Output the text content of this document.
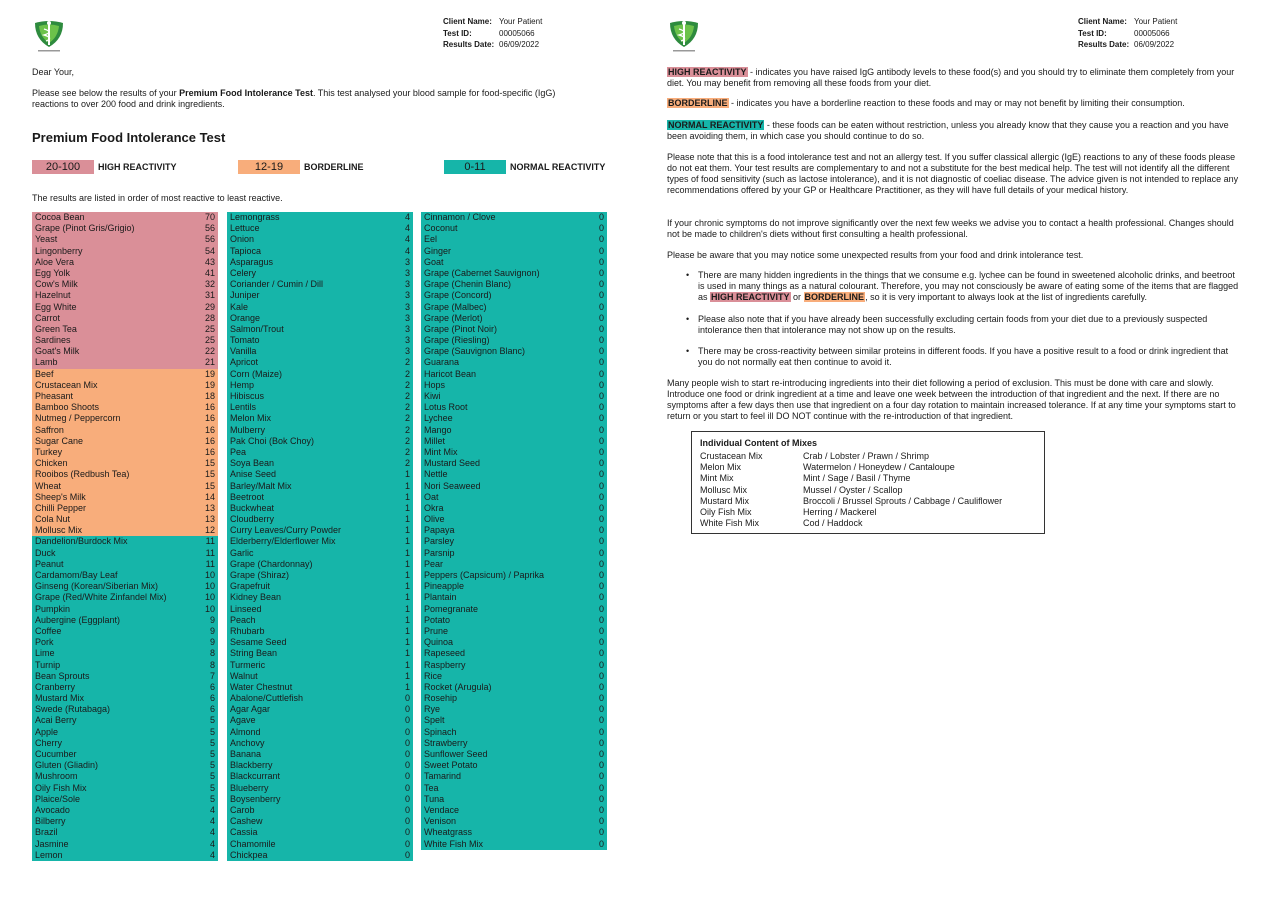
Client Name: Your Patient
Test ID:	00005066
Results Date: 06/09/2022
Dear Your,
Please see below the results of your Premium Food Intolerance Test. This test analysed your blood sample for food-specific (IgG) reactions to over 200 food and drink ingredients.
Premium Food Intolerance Test
20-100	HIGH REACTIVITY	12-19	BORDERLINE	0-11	NORMAL REACTIVITY
The results are listed in order of most reactive to least reactive.
Cocoa Bean	70
Grape (Pinot Gris/Grigio)	56
Yeast	56
Lingonberry	54
Aloe Vera	43
Egg Yolk	41
Cow's Milk	32
Hazelnut	31
Egg White	29
Carrot	28
Green Tea	25
Sardines	25
Goat's Milk	22
Lamb	21
Beef	19
Crustacean Mix	19
Pheasant	18
Bamboo Shoots	16
Nutmeg / Peppercorn	16
Saffron	16
Sugar Cane	16
Turkey	16
Chicken	15
Rooibos (Redbush Tea)	15
Wheat	15
Sheep's Milk	14
Chilli Pepper	13
Cola Nut	13
Mollusc Mix	12
Dandelion/Burdock Mix	11
Duck	11
Peanut	11
Cardamom/Bay Leaf	10
Ginseng (Korean/Siberian Mix)	10
Grape (Red/White Zinfandel Mix)	10
Pumpkin	10
Aubergine (Eggplant)	9
Coffee	9
Pork	9
Lime	8
Turnip	8
Bean Sprouts	7
Cranberry	6
Mustard Mix	6
Swede (Rutabaga)	6
Acai Berry	5
Apple	5
Cherry	5
Cucumber	5
Gluten (Gliadin)	5
Mushroom	5
Oily Fish Mix	5
Plaice/Sole	5
Avocado	4
Bilberry	4
Brazil	4
Jasmine	4
Lemon	4
Lemongrass	4
Lettuce	4
Onion	4
Tapioca	4
Asparagus	3
Celery	3
Coriander / Cumin / Dill	3
Juniper	3
Kale	3
Orange	3
Salmon/Trout	3
Tomato	3
Vanilla	3
Apricot	2
Corn (Maize)	2
Hemp	2
Hibiscus	2
Lentils	2
Melon Mix	2
Mulberry	2
Pak Choi (Bok Choy)	2
Pea	2
Soya Bean	2
Anise Seed	1
Barley/Malt Mix	1
Beetroot	1
Buckwheat	1
Cloudberry	1
Curry Leaves/Curry Powder	1
Elderberry/Elderflower Mix	1
Garlic	1
Grape (Chardonnay)	1
Grape (Shiraz)	1
Grapefruit	1
Kidney Bean	1
Linseed	1
Peach	1
Rhubarb	1
Sesame Seed	1
String Bean	1
Turmeric	1
Walnut	1
Water Chestnut	1
Abalone/Cuttlefish	0
Agar Agar	0
Agave	0
Almond	0
Anchovy	0
Banana	0
Blackberry	0
Blackcurrant	0
Blueberry	0
Boysenberry	0
Carob	0
Cashew	0
Cassia	0
Chamomile	0
Chickpea	0
Cinnamon / Clove	0
Coconut	0
Eel	0
Ginger	0
Goat	0
Grape (Cabernet Sauvignon)	0
Grape (Chenin Blanc)	0
Grape (Concord)	0
Grape (Malbec)	0
Grape (Merlot)	0
Grape (Pinot Noir)	0
Grape (Riesling)	0
Grape (Sauvignon Blanc)	0
Guarana	0
Haricot Bean	0
Hops	0
Kiwi	0
Lotus Root	0
Lychee	0
Mango	0
Millet	0
Mint Mix	0
Mustard Seed	0
Nettle	0
Nori Seaweed	0
Oat	0
Okra	0
Olive	0
Papaya	0
Parsley	0
Parsnip	0
Pear	0
Peppers (Capsicum) / Paprika	0
Pineapple	0
Plantain	0
Pomegranate	0
Potato	0
Prune	0
Quinoa	0
Rapeseed	0
Raspberry	0
Rice	0
Rocket (Arugula)	0
Rosehip	0
Rye	0
Spelt	0
Spinach	0
Strawberry	0
Sunflower Seed	0
Sweet Potato	0
Tamarind	0
Tea	0
Tuna	0
Vendace	0
Venison	0
Wheatgrass	0
White Fish Mix	0
Client Name: Your Patient
Test ID:	00005066
Results Date: 06/09/2022
HIGH REACTIVITY - indicates you have raised IgG antibody levels to these food(s) and you should try to eliminate them completely from your diet. You may benefit from removing all these foods from your diet.
BORDERLINE - indicates you have a borderline reaction to these foods and may or may not benefit by limiting their consumption.
NORMAL REACTIVITY - these foods can be eaten without restriction, unless you already know that they cause you a reaction and you have been avoiding them, in which case you should continue to do so.
Please note that this is a food intolerance test and not an allergy test. If you suffer classical allergic (IgE) reactions to any of these foods please do not eat them. Your test results are complementary to and not a substitute for the best medical help. The test will not identify all the different types of food sensitivity (such as lactose intolerance), and it is not diagnostic of coeliac disease. The advice given is not intended to replace any recommendations offered by your GP or Healthcare Practitioner, as they will have full details of your medical history.
If your chronic symptoms do not improve significantly over the next few weeks we advise you to contact a health professional. Changes should not be made to children's diets without first consulting a health professional.
Please be aware that you may notice some unexpected results from your food and drink intolerance test.
• There are many hidden ingredients in the things that we consume e.g. lychee can be found in sweetened alcoholic drinks, and beetroot is used in many things as a natural colourant. Therefore, you may not consciously be aware of eating some of the items that are flagged as HIGH REACTIVITY or BORDERLINE, so it is very important to always look at the list of ingredients carefully.
• Please also note that if you have already been successfully excluding certain foods from your diet due to a previously suspected intolerance then that intolerance may not show up on the results.
• There may be cross-reactivity between similar proteins in different foods. If you have a positive result to a food or drink ingredient that you do not normally eat then continue to avoid it.
Many people wish to start re-introducing ingredients into their diet following a period of exclusion. This must be done with care and slowly. Introduce one food or drink ingredient at a time and leave one week between the introduction of that ingredient and the next. If there are no symptoms after a few days then use that ingredient on a four day rotation to maintain increased tolerance. If at any time your symptoms start to return or you start to feel ill DO NOT continue with the re-introduction of that ingredient.
Individual Content of Mixes
Crustacean Mix	Crab / Lobster / Prawn / Shrimp
Melon Mix	Watermelon / Honeydew / Cantaloupe
Mint Mix	Mint / Sage / Basil / Thyme
Mollusc Mix	Mussel / Oyster / Scallop
Mustard Mix	Broccoli / Brussel Sprouts / Cabbage / Cauliflower
Oily Fish Mix	Herring / Mackerel
White Fish Mix	Cod / Haddock
